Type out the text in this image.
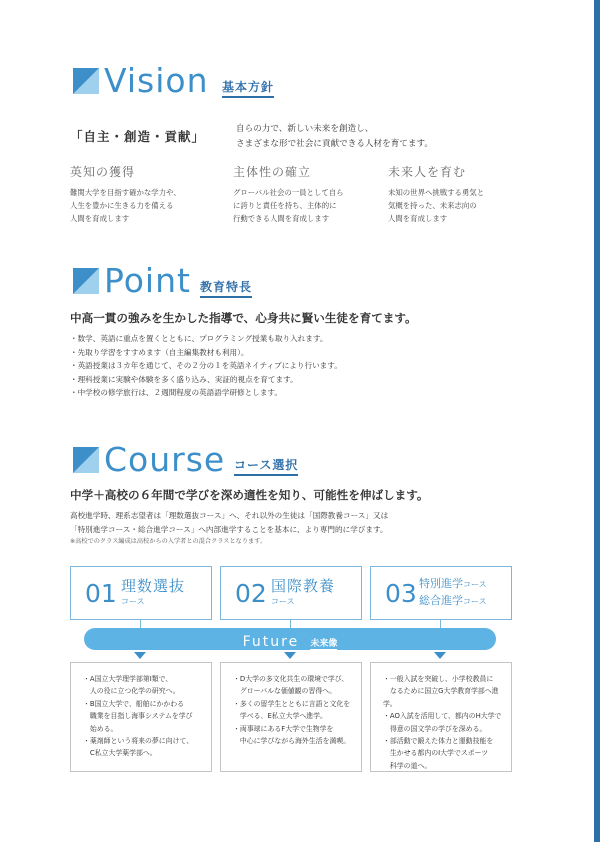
Vision 基本方針
「自主・創造・貢献」	自らの力で、新しい未来を創造し、
さまざまな形で社会に貢献できる人材を育てます。
英知の獲得
難関大学を目指す確かな学力や、
人生を豊かに生きる力を備える
人間を育成します
主体性の確立
グローバル社会の一員として自ら
に誇りと責任を持ち、主体的に
行動できる人間を育成します
未来人を育む
未知の世界へ挑戦する勇気と
気概を持った、未来志向の
人間を育成します
Point 教育特長
中高一貫の強みを生かした指導で、心身共に賢い生徒を育てます。
・数学、英語に重点を置くとともに、プログラミング授業も取り入れます。
・先取り学習をすすめます（自主編集教材も利用）。
・英語授業は３カ年を通じて、その２分の１を英語ネイティブにより行います。
・理科授業に実験や体験を多く盛り込み、実証的視点を育てます。
・中学校の修学旅行は、２週間程度の英語語学研修とします。
Course コース選択
中学＋高校の６年間で学びを深め適性を知り、可能性を伸ばします。
高校進学時、理系志望者は「理数選抜コース」へ、それ以外の生徒は「国際教養コース」又は
「特別進学コース・総合進学コース」へ内部進学することを基本に、より専門的に学びます。
※高校でのクラス編成は高校からの入学者との混合クラスとなります。
01 理数選抜
コース	02 国際教養
コース	03 特別進学コース
総合進学コース
Future 未来像

・A国立大学理学部第Ⅰ類で、

　人の役に立つ化学の研究へ。

・B国立大学で、船舶にかかわる

　職業を目指し海事システムを学び

　始める。

・薬剤師という将来の夢に向けて、

　C私立大学薬学部へ。

・D大学の多文化共生の環境で学び、

　グローバルな価値観の習得へ。

・多くの留学生とともに言語と文化を

　学べる、E私立大学へ進学。

・両事球にあるF大学で生物学を

　中心に学びながら海外生活を満喫。

・一般入試を突破し、小学校教員に

　なるために国立G大学教育学部へ進学。

・AO入試を活用して、都内のH大学で

　得意の国文学の学びを深める。

・部活動で鍛えた体力と運動技能を

　生かせる都内のI大学でスポーツ

　科学の道へ。
